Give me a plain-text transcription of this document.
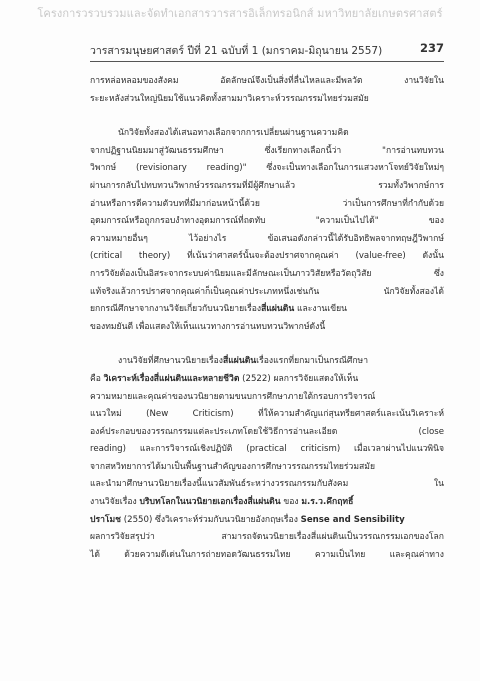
โครงการวรวบรวมและจัดทำเอกสารวารสารอิเล็กทรอนิกส์ มหาวิทยาลัยเกษตรศาสตร์
วารสารมนุษยศาสตร์ ปีที่ 21 ฉบับที่ 1 (มกราคม-มิถุนายน 2557)	237
การหล่อหลอมของสังคม อัตลักษณ์จึงเป็นสิ่งที่ลื่นไหลและมีพลวัต งานวิจัยใน
ระยะหลังส่วนใหญ่นิยมใช้แนวคิดทั้งสามมาวิเคราะห์วรรณกรรมไทยร่วมสมัย
นักวิจัยทั้งสองได้เสนอทางเลือกจากการเปลี่ยนผ่านฐานความคิด
จากปฏิฐานนิยมมาสู่วัฒนธรรมศึกษา ซึ่งเรียกทางเลือกนี้ว่า "การอ่านทบทวน
วิพากษ์ (revisionary reading)" ซึ่งจะเป็นทางเลือกในการแสวงหาโจทย์วิจัยใหม่ๆ
ผ่านการกลับไปทบทวนวิพากษ์วรรณกรรมที่มีผู้ศึกษาแล้ว รวมทั้งวิพากษ์การ
อ่านหรือการตีความตัวบทที่มีมาก่อนหน้านี้ด้วย ว่าเป็นการศึกษาที่กำกับด้วย
อุดมการณ์หรือถูกกรอบงำทางอุดมการณ์ที่ถดทับ "ความเป็นไปได้" ของ
ความหมายอื่นๆ ไว้อย่างไร ข้อเสนอดังกล่าวนี้ได้รับอิทธิพลจากทฤษฎีวิพากษ์
(critical theory) ที่เน้นว่าศาสตร์นั้นจะต้องปราศจากคุณค่า (value-free) ดังนั้น
การวิจัยต้องเป็นอิสระจากระบบค่านิยมและมีลักษณะเป็นภาววิสัยหรือวัตถุวิสัย ซึ่ง
แท้จริงแล้วการปราศจากคุณค่าก็เป็นคุณค่าประเภทหนึ่งเช่นกัน นักวิจัยทั้งสองได้
ยกกรณีศึกษาจากงานวิจัยเกี่ยวกับนวนิยายเรื่องสี่แผ่นดิน และงานเขียน
ของทมยันตี เพื่อแสดงให้เห็นแนวทางการอ่านทบทวนวิพากษ์ดังนี้
งานวิจัยที่ศึกษานวนิยายเรื่องสี่แผ่นดินเรื่องแรกที่ยกมาเป็นกรณีศึกษา
คือ วิเคราะห์เรื่องสี่แผ่นดินและหลายชีวิต (2522) ผลการวิจัยแสดงให้เห็น
ความหมายและคุณค่าของนวนิยายตามขนบการศึกษาภายใต้กรอบการวิจารณ์
แนวใหม่ (New Criticism) ที่ให้ความสำคัญแก่สุนทรียศาสตร์และเน้นวิเคราะห์
องค์ประกอบของวรรณกรรมแต่ละประเภทโดยใช้วิธีการอ่านละเอียด (close
reading) และการวิจารณ์เชิงปฏิบัติ (practical criticism) เมื่อเวลาผ่านไปแนวพินิจ
จากสหวิทยาการได้มาเป็นพื้นฐานสำคัญของการศึกษาวรรณกรรมไทยร่วมสมัย
และนำมาศึกษานวนิยายเรื่องนี้แนวสัมพันธ์ระหว่างวรรณกรรมกับสังคม ใน
งานวิจัยเรื่อง บริบทโลกในนวนิยายเอกเรื่องสี่แผ่นดิน ของ ม.ร.ว.คึกฤทธิ์
ปราโมช (2550) ซึ่งวิเคราะห์ร่วมกับนวนิยายอังกฤษเรื่อง Sense and Sensibility
ผลการวิจัยสรุปว่า สามารถจัดนวนิยายเรื่องสี่แผ่นดินเป็นวรรณกรรมเอกของโลก
ได้ ด้วยความดีเด่นในการถ่ายทอดวัฒนธรรมไทย ความเป็นไทย และคุณค่าทาง
